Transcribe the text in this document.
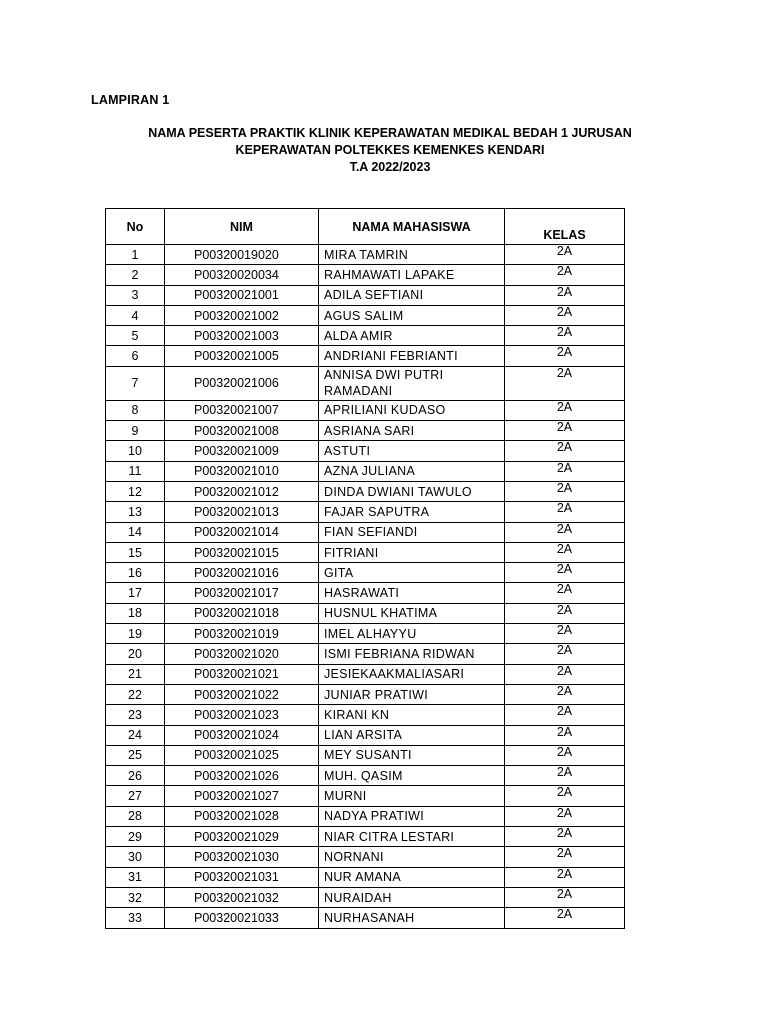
LAMPIRAN 1
NAMA PESERTA PRAKTIK KLINIK KEPERAWATAN MEDIKAL BEDAH 1 JURUSAN
KEPERAWATAN POLTEKKES KEMENKES KENDARI
T.A 2022/2023
No	NIM	NAMA MAHASISWA	KELAS
1	P00320019020	MIRA TAMRIN	2A
2	P00320020034	RAHMAWATI LAPAKE	2A
3	P00320021001	ADILA SEFTIANI	2A
4	P00320021002	AGUS SALIM	2A
5	P00320021003	ALDA AMIR	2A
6	P00320021005	ANDRIANI FEBRIANTI	2A
7	P00320021006	ANNISA DWI PUTRI RAMADANI	2A
8	P00320021007	APRILIANI KUDASO	2A
9	P00320021008	ASRIANA SARI	2A
10	P00320021009	ASTUTI	2A
11	P00320021010	AZNA JULIANA	2A
12	P00320021012	DINDA DWIANI TAWULO	2A
13	P00320021013	FAJAR SAPUTRA	2A
14	P00320021014	FIAN SEFIANDI	2A
15	P00320021015	FITRIANI	2A
16	P00320021016	GITA	2A
17	P00320021017	HASRAWATI	2A
18	P00320021018	HUSNUL KHATIMA	2A
19	P00320021019	IMEL ALHAYYU	2A
20	P00320021020	ISMI FEBRIANA RIDWAN	2A
21	P00320021021	JESIEKAAKMALIASARI	2A
22	P00320021022	JUNIAR PRATIWI	2A
23	P00320021023	KIRANI KN	2A
24	P00320021024	LIAN ARSITA	2A
25	P00320021025	MEY SUSANTI	2A
26	P00320021026	MUH. QASIM	2A
27	P00320021027	MURNI	2A
28	P00320021028	NADYA PRATIWI	2A
29	P00320021029	NIAR CITRA LESTARI	2A
30	P00320021030	NORNANI	2A
31	P00320021031	NUR AMANA	2A
32	P00320021032	NURAIDAH	2A
33	P00320021033	NURHASANAH	2A
